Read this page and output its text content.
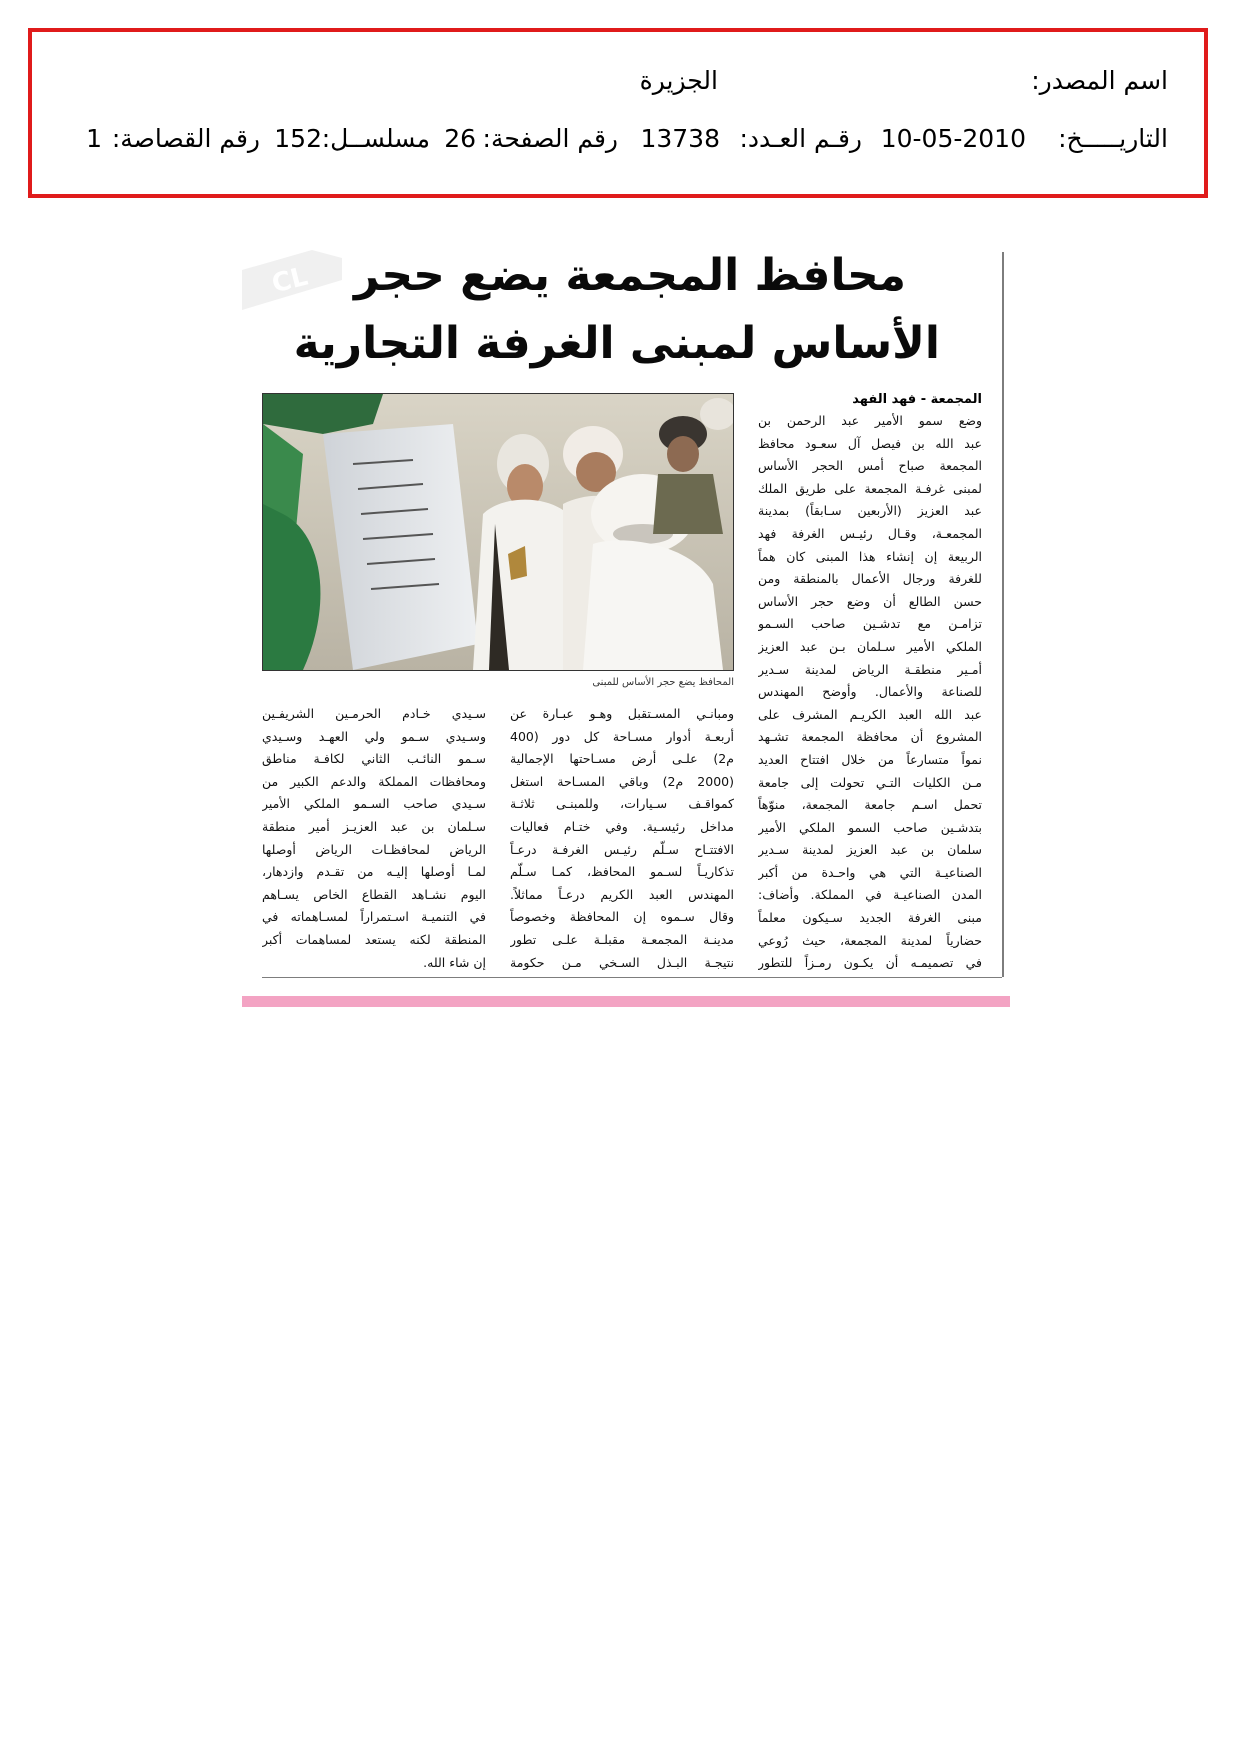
اسم المصدر:
الجزيرة
التاريـــــخ:
10-05-2010
رقـم العـدد:
13738
رقم الصفحة:
26
مسلســل:
152
رقم القصاصة:
1
CL محافظ المجمعة يضع حجر
الأساس لمبنى الغرفة التجارية
المجمعة - فهد الفهد
المحافظ يضع حجر الأساس للمبنى
وضع سمو الأمير عبد الرحمن بن
عبد الله بن فيصل آل سعـود محافظ
المجمعة صباح أمس الحجر الأساس
لمبنى غرفـة المجمعة على طريق الملك
عبد العزيز (الأربعين سـابقاً) بمدينة
المجمعـة، وقـال رئيـس الغرفة فهد
الربيعة إن إنشاء هذا المبنى كان هماً
للغرفة ورجال الأعمال بالمنطقة ومن
حسن الطالع أن وضع حجر الأساس
تزامـن مع تدشـين صاحب السـمو
الملكي الأمير سـلمان بـن عبد العزيز
أمـير منطقـة الرياض لمدينة سـدير
للصناعة والأعمال. وأوضح المهندس
عبد الله العبد الكريـم المشرف على
المشروع أن محافظة المجمعة تشـهد
نمواً متسارعاً من خلال افتتاح العديد
مـن الكليات التـي تحولت إلى جامعة
تحمل اسـم جامعة المجمعة، منوّهاً
بتدشـين صاحب السمو الملكي الأمير
سلمان بن عبد العزيز لمدينة سـدير
الصناعيـة التي هي واحـدة من أكبر
المدن الصناعيـة في المملكة. وأضاف:
مبنى الغرفة الجديد سـيكون معلماً
حضارياً لمدينة المجمعة، حيث رُوعي
في تصميمـه أن يكـون رمـزاً للتطور
ومبانـي المسـتقبل وهـو عبـارة عن
أربعـة أدوار مسـاحة كل دور (400
م2) علـى أرض مسـاحتها الإجمالية
(2000 م2) وباقي المسـاحة استغل
كمواقـف سـيارات، وللمبنـى ثلاثـة
مداخل رئيسـية. وفي ختـام فعاليات
الافتتـاح سـلّم رئيـس الغرفـة درعـاً
تذكاريـاً لسـمو المحافظ، كمـا سـلّم
المهندس العبد الكريم درعـاً مماثلاً.
وقال سـموه إن المحافظة وخصوصاً
مدينـة المجمعـة مقبلـة علـى تطور
نتيجـة البـذل السـخي مـن حكومة
سـيدي خـادم الحرمـين الشريفـين
وسـيدي سـمو ولي العهـد وسـيدي
سـمو النائـب الثاني لكافـة مناطق
ومحافظات المملكة والدعم الكبير من
سـيدي صاحب السـمو الملكي الأمير
سـلمان بن عبد العزيـز أمير منطقة
الرياض لمحافظـات الرياض أوصلها
لمـا أوصلها إليـه من تقـدم وازدهار،
اليوم نشـاهد القطاع الخاص يسـاهم
في التنميـة اسـتمراراً لمسـاهماته في
المنطقة لكنه يستعد لمساهمات أكبر
إن شاء الله.
